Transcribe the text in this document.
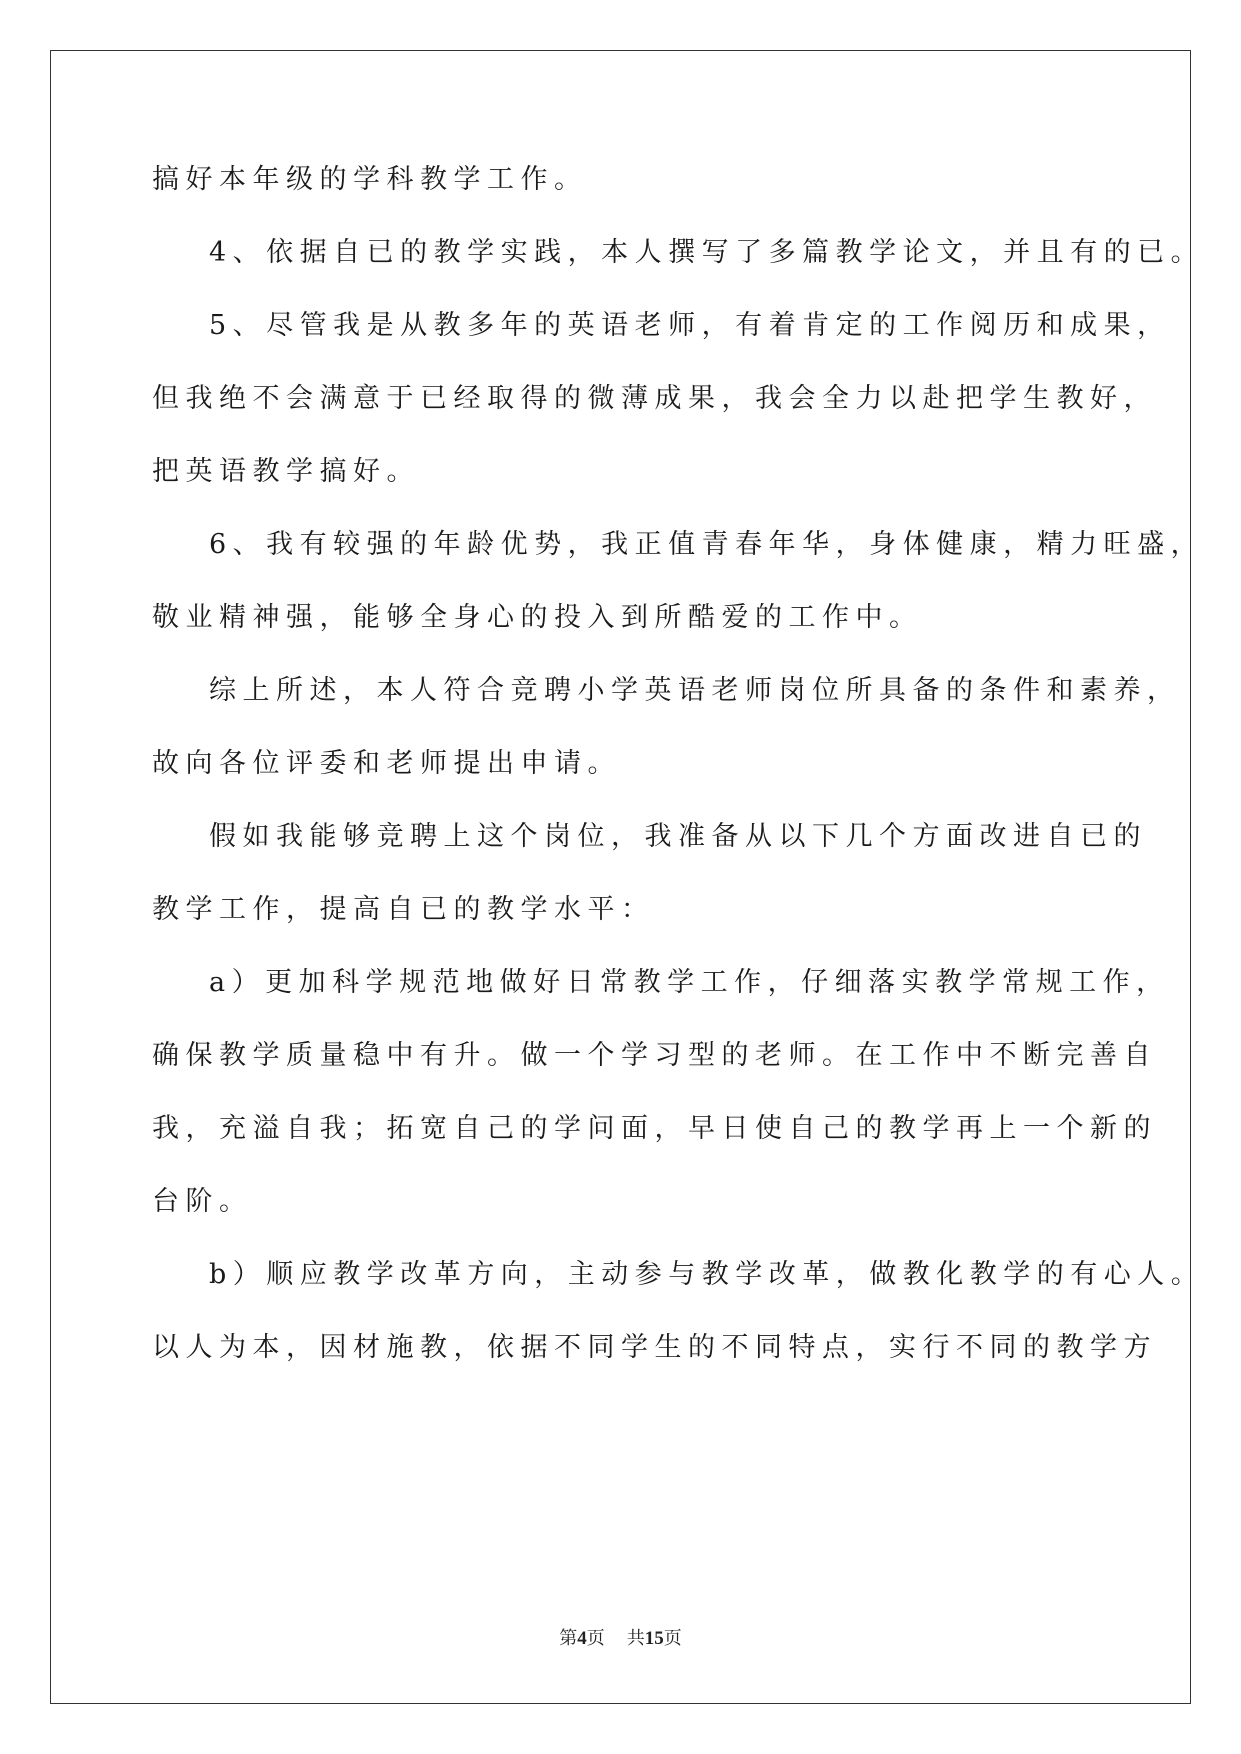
搞好本年级的学科教学工作。
4、依据自已的教学实践，本人撰写了多篇教学论文，并且有的已。
5、尽管我是从教多年的英语老师，有着肯定的工作阅历和成果，
但我绝不会满意于已经取得的微薄成果，我会全力以赴把学生教好，
把英语教学搞好。
6、我有较强的年龄优势，我正值青春年华，身体健康，精力旺盛，
敬业精神强，能够全身心的投入到所酷爱的工作中。
综上所述，本人符合竞聘小学英语老师岗位所具备的条件和素养，
故向各位评委和老师提出申请。
假如我能够竞聘上这个岗位，我准备从以下几个方面改进自已的
教学工作，提高自已的教学水平：
a）更加科学规范地做好日常教学工作，仔细落实教学常规工作，
确保教学质量稳中有升。做一个学习型的老师。在工作中不断完善自
我，充溢自我；拓宽自己的学问面，早日使自己的教学再上一个新的
台阶。
b）顺应教学改革方向，主动参与教学改革，做教化教学的有心人。
以人为本，因材施教，依据不同学生的不同特点，实行不同的教学方
第4页 共15页
